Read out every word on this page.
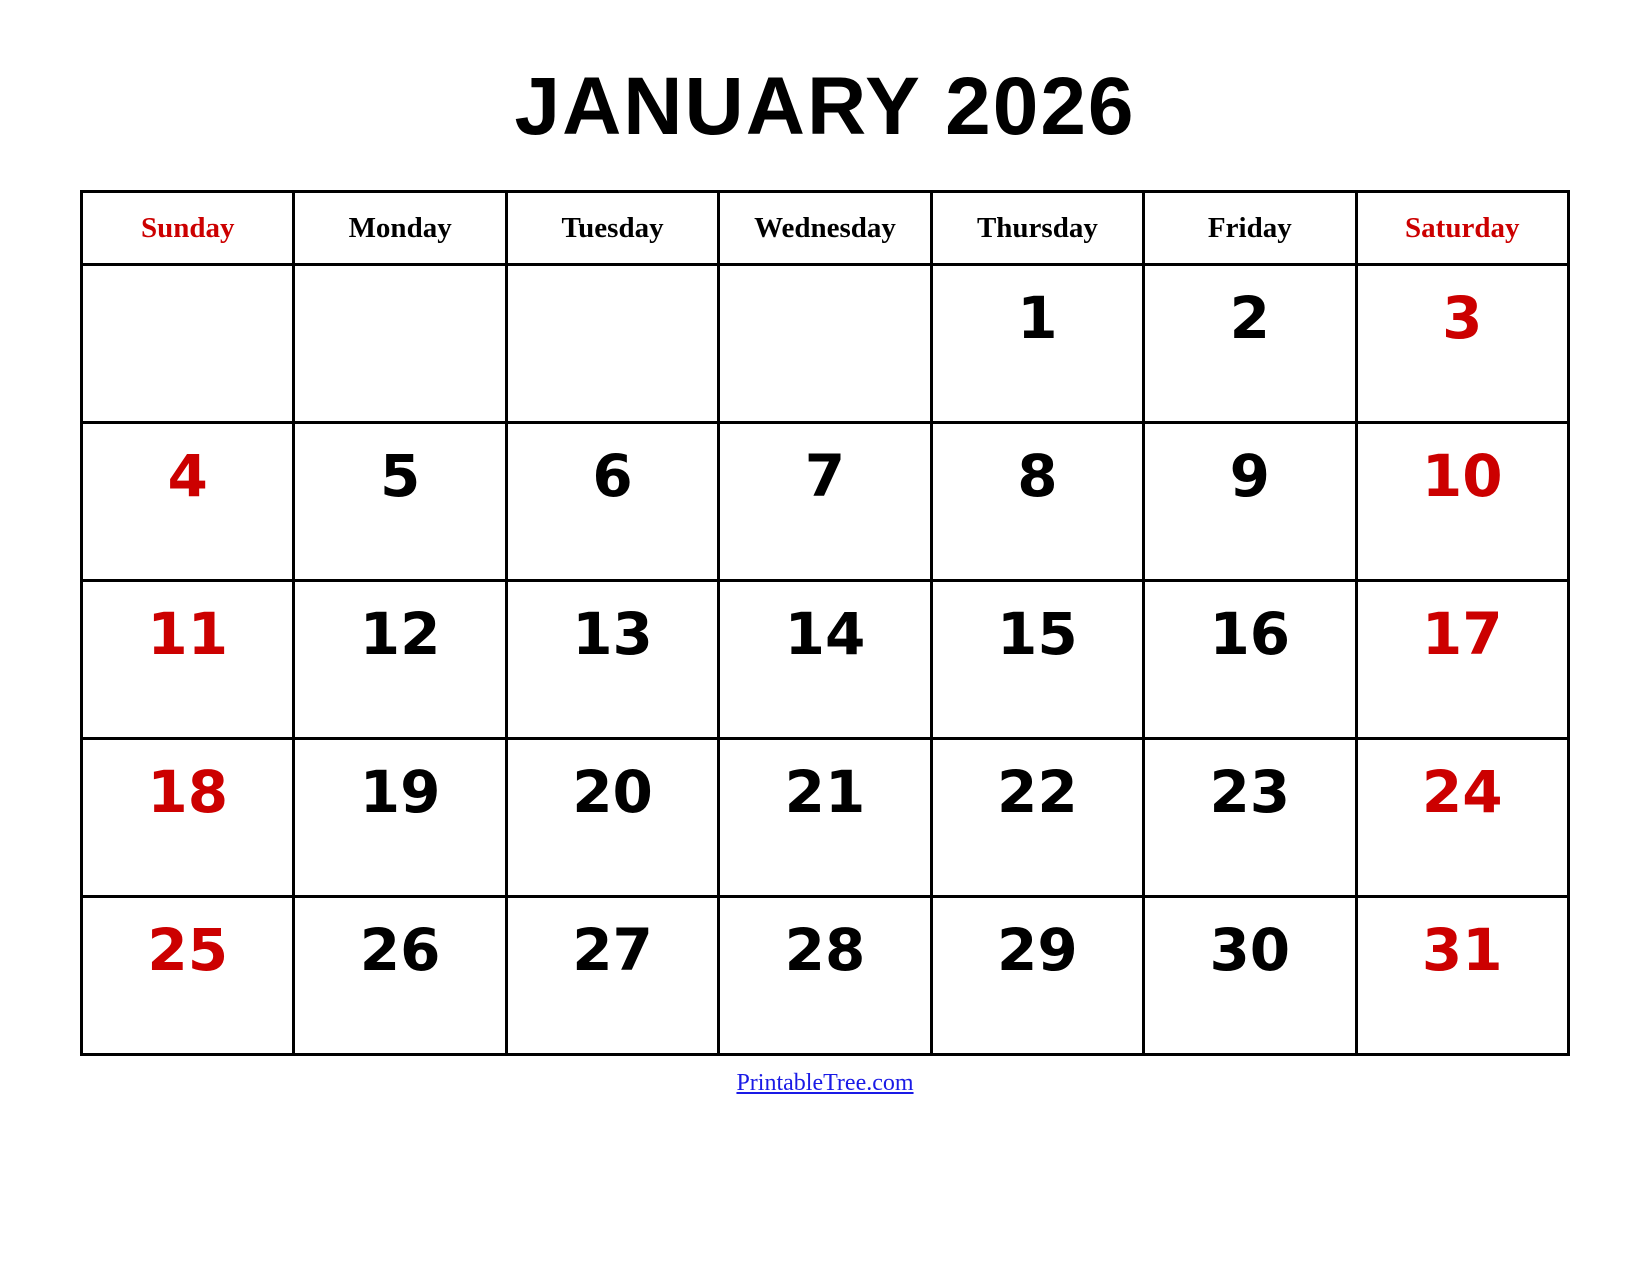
JANUARY 2026
Sunday	Monday	Tuesday	Wednesday	Thursday	Friday	Saturday

				1	2	3

4	5	6	7	8	9	10

11	12	13	14	15	16	17

18	19	20	21	22	23	24

25	26	27	28	29	30	31
PrintableTree.com
